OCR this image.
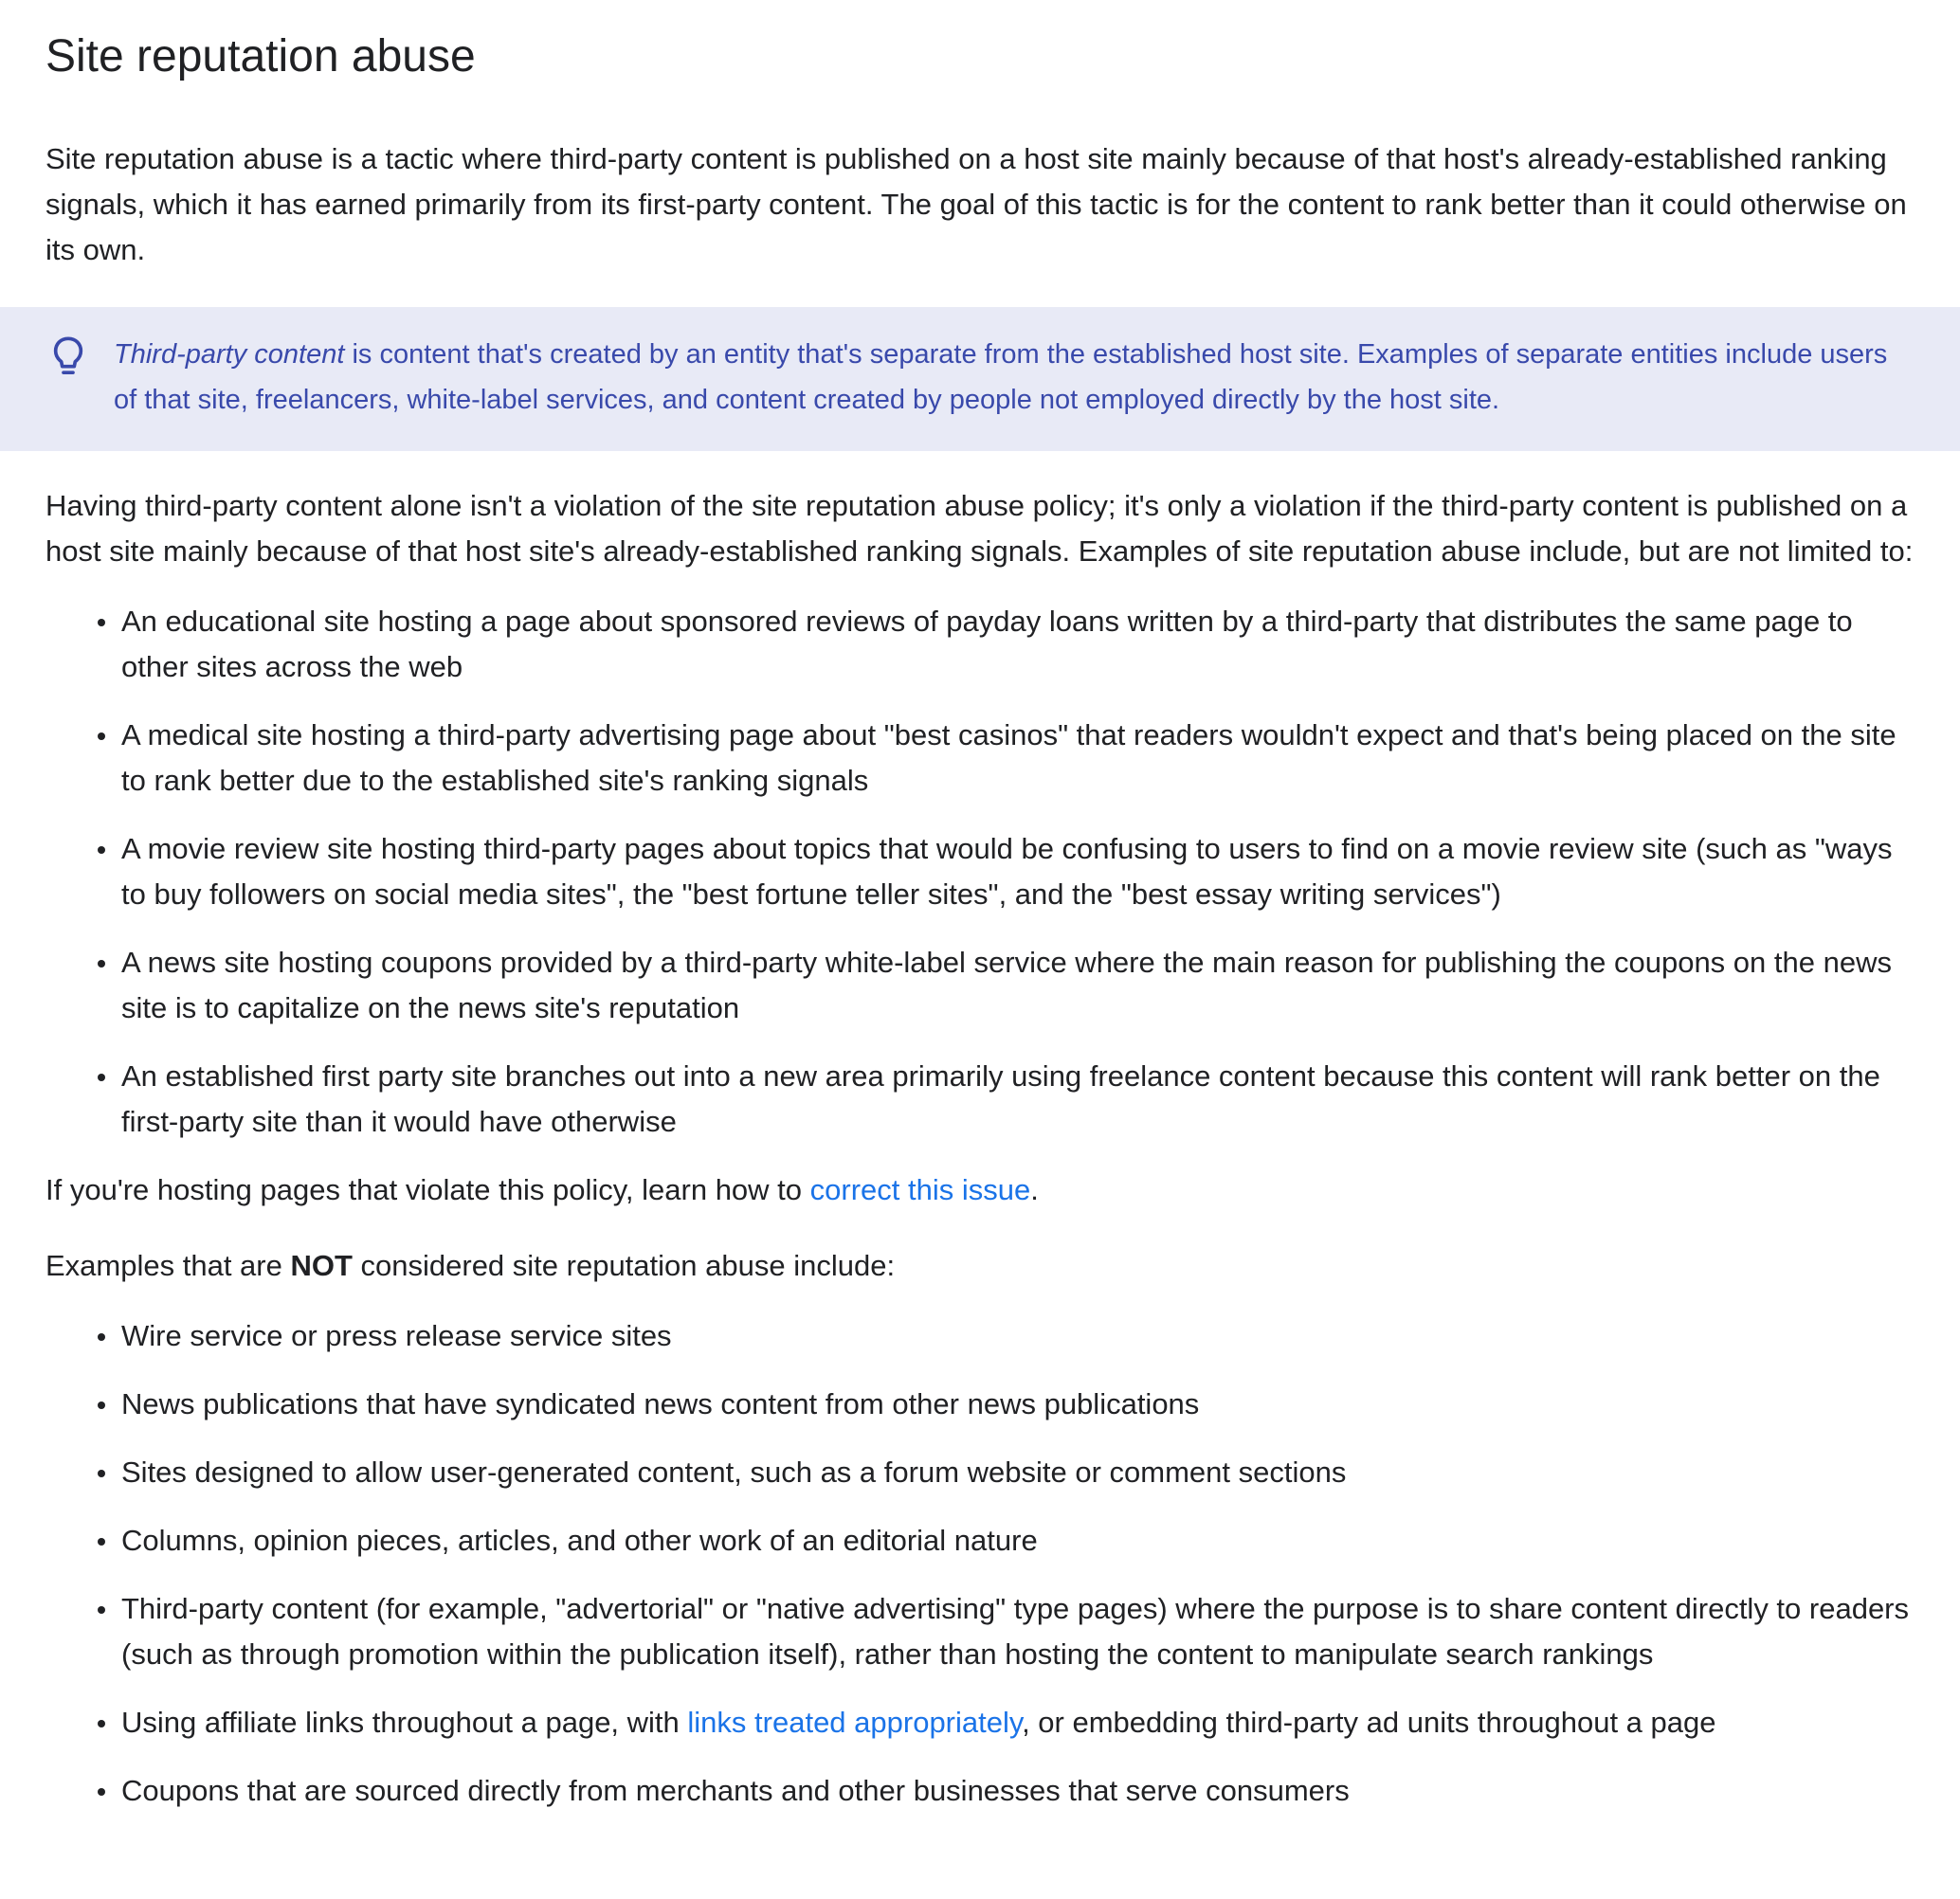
Site reputation abuse

Site reputation abuse is a tactic where third-party content is published on a host site mainly because of that host's already-established ranking signals, which it has earned primarily from its first-party content. The goal of this tactic is for the content to rank better than it could otherwise on its own.

Third-party content is content that's created by an entity that's separate from the established host site. Examples of separate entities include users of that site, freelancers, white-label services, and content created by people not employed directly by the host site.

Having third-party content alone isn't a violation of the site reputation abuse policy; it's only a violation if the third-party content is published on a host site mainly because of that host site's already-established ranking signals. Examples of site reputation abuse include, but are not limited to:

An educational site hosting a page about sponsored reviews of payday loans written by a third-party that distributes the same page to other sites across the web
A medical site hosting a third-party advertising page about "best casinos" that readers wouldn't expect and that's being placed on the site to rank better due to the established site's ranking signals
A movie review site hosting third-party pages about topics that would be confusing to users to find on a movie review site (such as "ways to buy followers on social media sites", the "best fortune teller sites", and the "best essay writing services")
A news site hosting coupons provided by a third-party white-label service where the main reason for publishing the coupons on the news site is to capitalize on the news site's reputation
An established first party site branches out into a new area primarily using freelance content because this content will rank better on the first-party site than it would have otherwise

If you're hosting pages that violate this policy, learn how to correct this issue.

Examples that are NOT considered site reputation abuse include:

Wire service or press release service sites
News publications that have syndicated news content from other news publications
Sites designed to allow user-generated content, such as a forum website or comment sections
Columns, opinion pieces, articles, and other work of an editorial nature
Third-party content (for example, "advertorial" or "native advertising" type pages) where the purpose is to share content directly to readers (such as through promotion within the publication itself), rather than hosting the content to manipulate search rankings
Using affiliate links throughout a page, with links treated appropriately, or embedding third-party ad units throughout a page
Coupons that are sourced directly from merchants and other businesses that serve consumers
